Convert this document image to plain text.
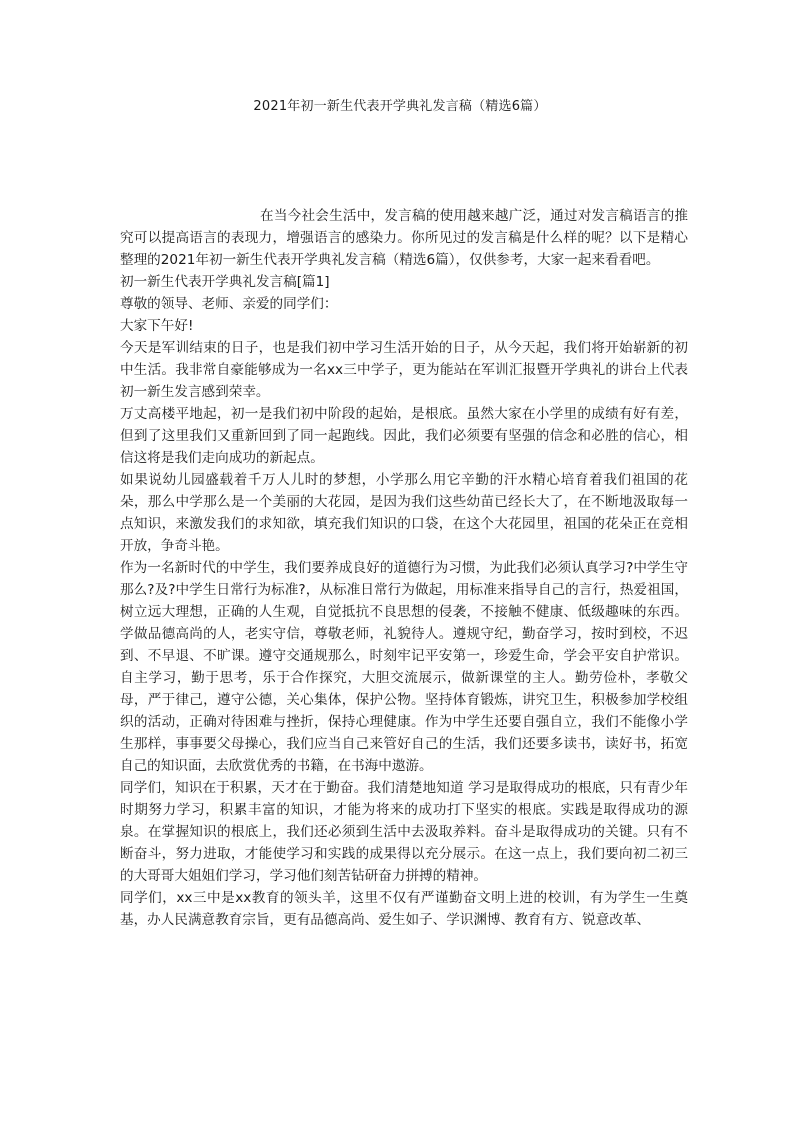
2021年初一新生代表开学典礼发言稿（精选6篇）

在当今社会生活中，发言稿的使用越来越广泛，通过对发言稿语言的推究可以提高语言的表现力，增强语言的感染力。你所见过的发言稿是什么样的呢？以下是精心整理的2021年初一新生代表开学典礼发言稿（精选6篇），仅供参考，大家一起来看看吧。

初一新生代表开学典礼发言稿[篇1]

尊敬的领导、老师、亲爱的同学们：

大家下午好!

今天是军训结束的日子，也是我们初中学习生活开始的日子，从今天起，我们将开始崭新的初中生活。我非常自豪能够成为一名xx三中学子，更为能站在军训汇报暨开学典礼的讲台上代表初一新生发言感到荣幸。

万丈高楼平地起，初一是我们初中阶段的起始，是根底。虽然大家在小学里的成绩有好有差，但到了这里我们又重新回到了同一起跑线。因此，我们必须要有坚强的信念和必胜的信心，相信这将是我们走向成功的新起点。

如果说幼儿园盛载着千万人儿时的梦想，小学那么用它辛勤的汗水精心培育着我们祖国的花朵，那么中学那么是一个美丽的大花园，是因为我们这些幼苗已经长大了，在不断地汲取每一点知识，来激发我们的求知欲，填充我们知识的口袋，在这个大花园里，祖国的花朵正在竞相开放，争奇斗艳。

作为一名新时代的中学生，我们要养成良好的道德行为习惯，为此我们必须认真学习?中学生守那么?及?中学生日常行为标准?，从标准日常行为做起，用标准来指导自己的言行，热爱祖国，树立远大理想，正确的人生观，自觉抵抗不良思想的侵袭，不接触不健康、低级趣味的东西。学做品德高尚的人，老实守信，尊敬老师，礼貌待人。遵规守纪，勤奋学习，按时到校，不迟到、不早退、不旷课。遵守交通规那么，时刻牢记平安第一，珍爱生命，学会平安自护常识。自主学习，勤于思考，乐于合作探究，大胆交流展示，做新课堂的主人。勤劳俭朴，孝敬父母，严于律己，遵守公德，关心集体，保护公物。坚持体育锻炼，讲究卫生，积极参加学校组织的活动，正确对待困难与挫折，保持心理健康。作为中学生还要自强自立，我们不能像小学生那样，事事要父母操心，我们应当自己来管好自己的生活，我们还要多读书，读好书，拓宽自己的知识面，去欣赏优秀的书籍，在书海中遨游。

同学们，知识在于积累，天才在于勤奋。我们清楚地知道 学习是取得成功的根底，只有青少年时期努力学习，积累丰富的知识，才能为将来的成功打下坚实的根底。实践是取得成功的源泉。在掌握知识的根底上，我们还必须到生活中去汲取养料。奋斗是取得成功的关键。只有不断奋斗，努力进取，才能使学习和实践的成果得以充分展示。在这一点上，我们要向初二初三的大哥哥大姐姐们学习，学习他们刻苦钻研奋力拼搏的精神。

同学们，xx三中是xx教育的领头羊，这里不仅有严谨勤奋文明上进的校训，有为学生一生奠基，办人民满意教育宗旨，更有品德高尚、爱生如子、学识渊博、教育有方、锐意改革、
